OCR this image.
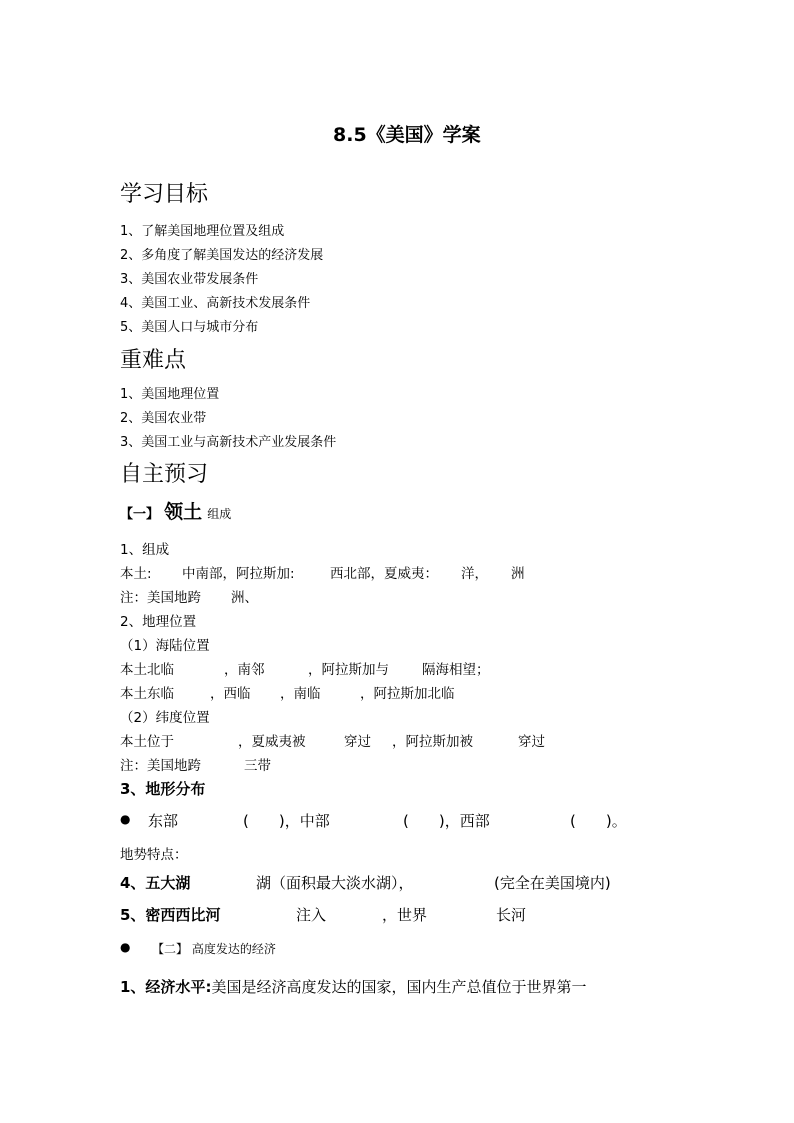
8.5《美国》学案
学习目标
1、了解美国地理位置及组成
2、多角度了解美国发达的经济发展
3、美国农业带发展条件
4、美国工业、高新技术发展条件
5、美国人口与城市分布
重难点
1、美国地理位置
2、美国农业带
3、美国工业与高新技术产业发展条件
自主预习
【一】 领土 组成
1、组成
本土: 中南部，阿拉斯加:	西北部，夏威夷： 洋， 洲
注：美国地跨 洲、
2、地理位置
（1）海陆位置
本土北临	，南邻	，阿拉斯加与 隔海相望；
本土东临	，西临 ，南临	，阿拉斯加北临
（2）纬度位置
本土位于	，夏威夷被	穿过 ，阿拉斯加被	穿过
注：美国地跨	三带
3、地形分布
● 东部	(　　)，中部	(　　)，西部	(　　)。
地势特点：
4、五大湖	湖（面积最大淡水湖），	(完全在美国境内)
5、密西西比河	注入	，世界	长河
● 【二】 高度发达的经济
1、经济水平:美国是经济高度发达的国家，国内生产总值位于世界第一
